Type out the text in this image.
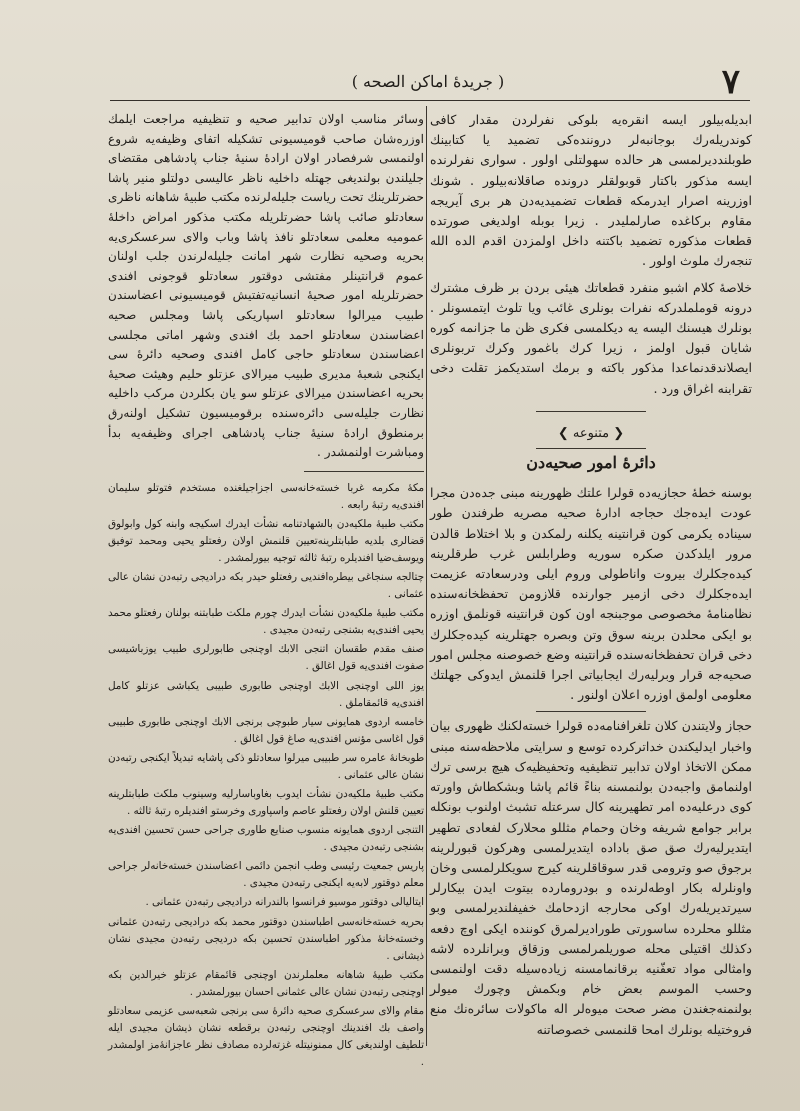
( جريدهٔ اماکن الصحه )	٧

ابدیله‌بیلور ایسه انقره‌یه بلوکی نفرلردن مقدار کافی کوندریله‌رك بوجانبه‌لر دروننده‌کی تضمید یا کتابینك طوبلنددیرلمسی هر حالده سهولتلی اولور . سواری نفرلرنده ایسه مذکور باکتار قوبولقلر درونده صاقلانه‌بیلور . شونك اوزرینه اصرار ایدرمکه قطعات تضمیدیه‌دن هر بری آیریجه مقاوم برکاغده صارلملیدر . زیرا بوبله اولدیغی صورتده قطعات مذکوره تضمید باکتنه داخل اولمزدن اقدم الده الله تنجه‌رك ملوث اولور .

خلاصهٔ کلام اشبو منفرد قطعاتك هیئی بردن بر ظرف مشترك درونه قوململدرکه نفرات بونلری غائب ویا تلوث ایتمسونلر . بونلرك هیسنك الیسه یه دیکلمسی فکری ظن ما جزانمه کوره شایان قبول اولمز ، زیرا کرك باغمور وکرك تربونلری ایصلاندقدنماعدا مذکور باکته و برمك استدیکمز تقلت دخی تقرابنه اغراق ورد .

❮ متنوعه ❯
دائرهٔ امور صحیه‌دن

بوسنه خطهٔ حجازیه‌ده قولرا علتك ظهورینه مبنی جده‌دن مجرا عودت ایده‌جك حجاجه ادارهٔ صحیه مصریه طرفندن طور سیناده یکرمی کون قرانتینه یکلنه رلمکدن و بلا اختلاط قالدن مرور ایلدکدن صکره سوریه وطرابلس غرب طرقلرینه کیده‌جکلرك بیروت واناطولی وروم ایلی ودرسعادته عزیمت ایده‌جکلرك دخی ازمیر جوارنده قلازومن تحفظخانه‌سنده نظامنامهٔ مخصوصی موجبنجه اون کون قرانتینه قونلمق اوزره بو ایکی محلدن برینه سوق وتن وبصره جهتلرینه کیده‌جکلرك دخی قران تحفظخانه‌سنده قرانتینه وضع خصوصنه مجلس امور صحیه‌جه قرار وبرلیه‌رك ایجابیاتی اجرا قلنمش ایدوکی جهلتك معلومی اولمق اوزره اعلان اولنور .

حجاز ولایتندن کلان تلغرافنامه‌ده قولرا خسته‌لکنك ظهوری بیان واخبار ایدلیکندن خداترکرده توسع و سرایتی ملاحظه‌سنه مبنی ممکن الاتخاذ اولان تدابیر تنظیفیه وتحفیظیه‌ک هیچ برسی ترك اولنمامق واجبه‌دن بولنمسنه بناءً قائم پاشا وبشکطاش واورته کوی درعلیه‌ده امر تطهیرینه کال سرعتله تشبث اولنوب بونکله برابر جوامع شریفه وخان وحمام مثللو محلارک لفعادی تطهیر ایتدیرلیه‌رك صق صق باداده ایتدیرلمسی وهرکون قبورلرینه برجوق صو وترومی قدر سوقاقلرینه کیرج سویکلرلمسی وخان واونلرله بکار اوطه‌لرنده و بودرومارده بیتوت ایدن بیکارلر سیرتدیریله‌رك اوکی محارجه ازدحامك خفیفلندیرلمسی وبو مثللو محلرده ساسورتی طورادیرلمرق کوننده ایکی اوچ دفعه دکذلك اقتیلی محله صوریلمرلمسی وزقاق وبرانلرده لاشه وامثالی مواد تعفّنیه برقانمامسنه زیاده‌سیله دقت اولنمسی وحسب الموسم بعض خام وبکمش وچورك میولر بولنمنه‌جغندن مضر صحت میوه‌لر اله ماکولات سائره‌نك منع فروختیله بونلرك امحا قلنمسی خصوصاتنه

وسائر مناسب اولان تدابیر صحیه و تنظیفیه مراجعت ایلمك اوزره‌شان صاحب قومیسیونی تشکیله اتفای وظیفه‌یه شروع اولنمسی شرفصادر اولان ارادهٔ سنیهٔ جناب پادشاهی مقتضای جلیلندن بولندیغی جهتله داخلیه ناظر عالیسی دولتلو منیر پاشا حضرتلرینك تحت ریاست جلیله‌لرنده مکتب طبیهٔ شاهانه ناظری سعادتلو صائب پاشا حضرتلریله مکتب مذکور امراض داخلهٔ عمومیه معلمی سعادتلو نافذ پاشا وباب والای سرعسکری‌یه بحریه وصحیه نظارت شهر امانت جلیله‌لرندن جلب اولنان عموم قرانتینلر مفتشی دوقتور سعادتلو قوجونی افندی حضرتلریله امور صحیهٔ انسانیه‌تفتیش قومیسیونی اعضاسندن طبیب میرالوا سعادتلو اسپاریکی پاشا ومجلس صحیه اعضاسندن سعادتلو احمد بك افندی وشهر اماتی مجلسی اعضاسندن سعادتلو حاجی کامل افندی وصحیه دائرهٔ سی ایکنجی شعبهٔ مدیری طبیب میرالای عزتلو حلیم وهیئت صحیهٔ بحریه اعضاسندن میرالای عزتلو سو یان بکلردن مرکب داخلیه نظارت جلیله‌سی دائره‌سنده برقومیسیون تشکیل اولنه‌رق برمنطوق ارادهٔ سنیهٔ جناب پادشاهی اجرای وظیفه‌یه بدأ ومباشرت اولنمشدر .

مکهٔ مکرمه غربا خسته‌خانه‌سی اجزاجیلغنده مستخدم فتوتلو سلیمان افندی‌یه رتبهٔ رابعه .

مکتب طبیهٔ ملکیه‌دن بالشهادتنامه نشأت ایدرك اسکیجه وابنه کول وابولوق قضالری بلدیه طبابتلرینه‌تعیین قلنمش اولان رفعتلو یحیی ومحمد توفیق ویوسف‌ضیا افندیلره رتبهٔ ثالثه توجیه بیورلمشدر .

چتالجه سنجاغی بیطره‌افندیی رفعتلو حیدر بکه درادیجی رتبه‌دن نشان عالی عثمانی .

مکتب طبیهٔ ملکیه‌دن نشأت ایدرك چورم ملکت طبابتنه بولنان رفعتلو محمد یحیی افندی‌یه بشنجی رتبه‌دن مجیدی .

صنف مقدم طقسان اتنجی الابك اوچنجی طابورلری طبیب یوزباشیسی صفوت افندی‌یه قول اغالق .

یوز اللی اوچنجی الابك اوچنجی طابوری طبیبی یکباشی عزتلو کامل افندی‌یه قائمقاملق .

خامسه اردوی همایونی سیار طبوچی برنجی الابك اوچنجی طابوری طبیبی قول اغاسی مؤنس افندی‌یه صاغ قول اغالق .

طوبخانهٔ عامره سر طبیبی میرلوا سعادتلو ذکی پاشایه تبدیلاً ایکنجی رتبه‌دن نشان عالی عثمانی .

مکتب طبیهٔ ملکیه‌دن نشأت ایدوب بغاوباسارلیه وسینوب ملکت طبابتلرینه تعیین قلنش اولان رفعتلو عاصم واسپاوری وخرستو افندیلره رتبهٔ ثالثه .

التنجی اردوی همایونه منسوب صنایع طاوری جراحی حسن تحسین افندی‌یه بشنجی رتبه‌دن مجیدی .

پاریس جمعیت رئیسی وطب انجمن دائمی اعضاسندن خسته‌خانه‌لر جراحی معلم دوقتور لابه‌یه ایکنجی رتبه‌دن مجیدی .

ایتالیالی دوقتور موسیو فرانسوا بالندرانه درادیجی رتبه‌دن عثمانی .

بحریه خسته‌خانه‌سی اطباسندن دوقتور محمد بکه درادیجی رتبه‌دن عثمانی وخسته‌خانهٔ مذکور اطباسندن تحسین بکه دردیجی رتبه‌دن مجیدی نشان ذیشانی .

مکتب طبیهٔ شاهانه معلملرندن اوچنجی قائمقام عزتلو خیرالدین بکه اوچنجی رتبه‌دن نشان عالی عثمانی احسان بیورلمشدر .

مقام والای سرعسکری صحیه دائرهٔ سی برنجی شعبه‌سی عزیمی سعادتلو واصف بك افندینك اوچنجی رتبه‌دن برقطعه نشان ذیشان مجیدی ایله تلطیف اولندیغی کال ممنونیتله غزته‌لرده مصادف نظر عاجزانهٔ‌مز اولمشدر .
